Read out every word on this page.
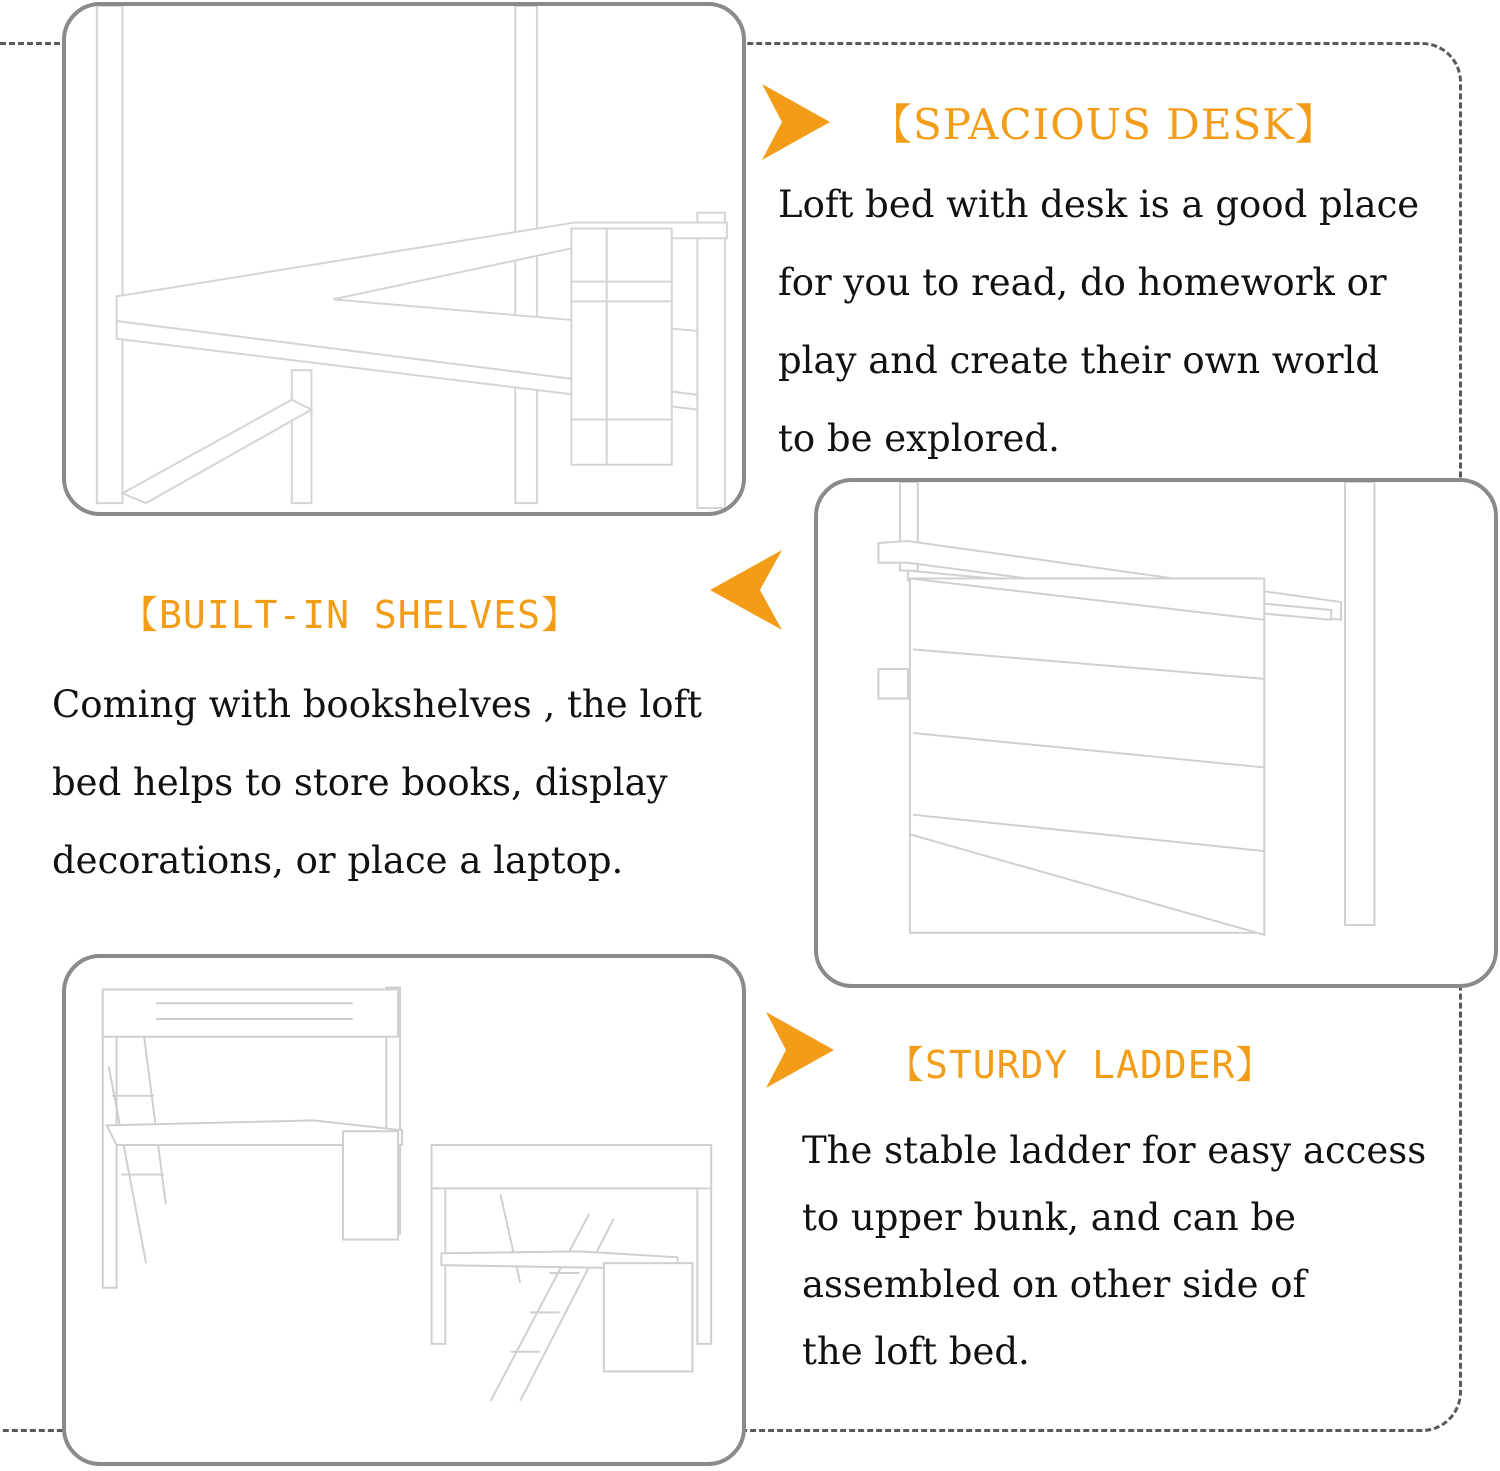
【SPACIOUS DESK】
Loft bed with desk is a good place
for you to read, do homework or
play and create their own world
to be explored.
【BUILT-IN SHELVES】
Coming with bookshelves , the loft
bed helps to store books, display
decorations, or place a laptop.
【STURDY LADDER】
The stable ladder for easy access
to upper bunk, and can be
assembled on other side of
the loft bed.
